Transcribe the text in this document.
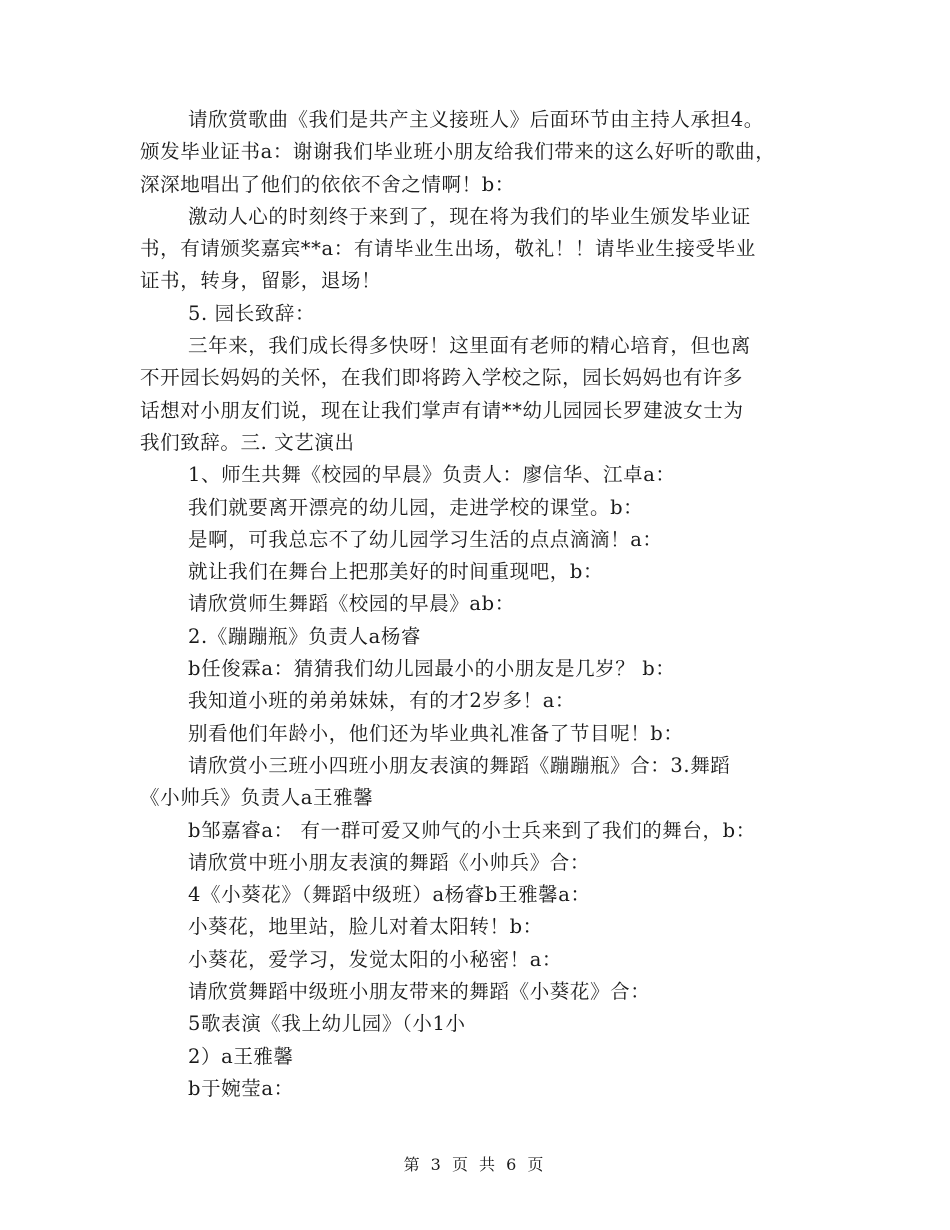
请欣赏歌曲《我们是共产主义接班人》后面环节由主持人承担4。
颁发毕业证书a：谢谢我们毕业班小朋友给我们带来的这么好听的歌曲，
深深地唱出了他们的依依不舍之情啊！b：
激动人心的时刻终于来到了，现在将为我们的毕业生颁发毕业证
书，有请颁奖嘉宾**a：有请毕业生出场，敬礼！！请毕业生接受毕业
证书，转身，留影，退场！
5. 园长致辞：
三年来，我们成长得多快呀！这里面有老师的精心培育，但也离
不开园长妈妈的关怀，在我们即将跨入学校之际，园长妈妈也有许多
话想对小朋友们说，现在让我们掌声有请**幼儿园园长罗建波女士为
我们致辞。三. 文艺演出
1、师生共舞《校园的早晨》负责人：廖信华、江卓a：
我们就要离开漂亮的幼儿园，走进学校的课堂。b：
是啊，可我总忘不了幼儿园学习生活的点点滴滴！a：
就让我们在舞台上把那美好的时间重现吧，b：
请欣赏师生舞蹈《校园的早晨》ab：
2.《蹦蹦瓶》负责人a杨睿
b任俊霖a：猜猜我们幼儿园最小的小朋友是几岁？ b：
我知道小班的弟弟妹妹，有的才2岁多！a：
别看他们年龄小，他们还为毕业典礼准备了节目呢！b：
请欣赏小三班小四班小朋友表演的舞蹈《蹦蹦瓶》合：3.舞蹈
《小帅兵》负责人a王雅馨
b邹嘉睿a： 有一群可爱又帅气的小士兵来到了我们的舞台，b：
请欣赏中班小朋友表演的舞蹈《小帅兵》合：
4《小葵花》（舞蹈中级班）a杨睿b王雅馨a：
小葵花，地里站，脸儿对着太阳转！b：
小葵花，爱学习，发觉太阳的小秘密！a：
请欣赏舞蹈中级班小朋友带来的舞蹈《小葵花》合：
5歌表演《我上幼儿园》（小1小
2）a王雅馨
b于婉莹a：
第 3 页 共 6 页
